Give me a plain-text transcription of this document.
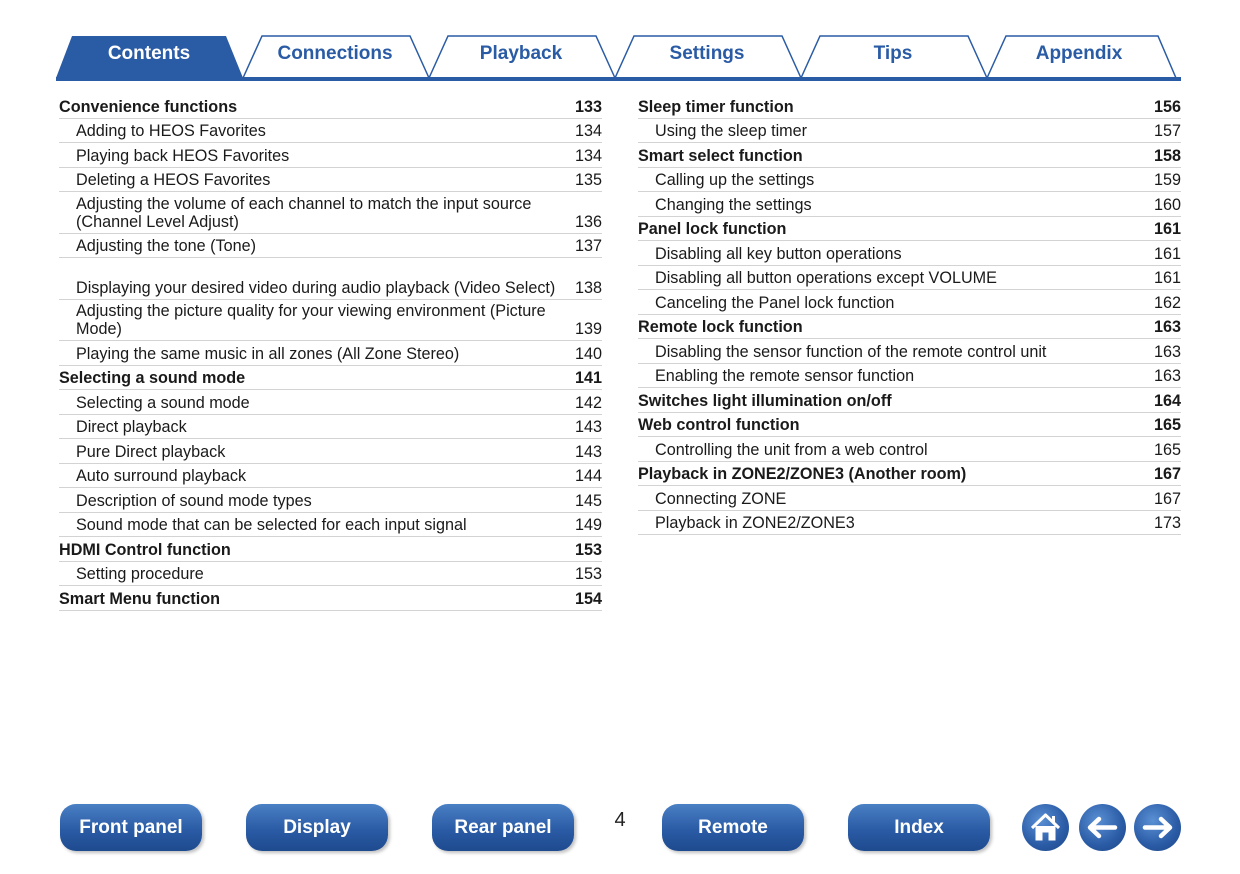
Contents	Connections	Playback	Settings	Tips	Appendix
Convenience functions	133
Adding to HEOS Favorites	134
Playing back HEOS Favorites	134
Deleting a HEOS Favorites	135
Adjusting the volume of each channel to match the input source (Channel Level Adjust)	136
Adjusting the tone (Tone)	137
Displaying your desired video during audio playback (Video Select)	138
Adjusting the picture quality for your viewing environment (Picture Mode)	139
Playing the same music in all zones (All Zone Stereo)	140
Selecting a sound mode	141
Selecting a sound mode	142
Direct playback	143
Pure Direct playback	143
Auto surround playback	144
Description of sound mode types	145
Sound mode that can be selected for each input signal	149
HDMI Control function	153
Setting procedure	153
Smart Menu function	154
Sleep timer function	156
Using the sleep timer	157
Smart select function	158
Calling up the settings	159
Changing the settings	160
Panel lock function	161
Disabling all key button operations	161
Disabling all button operations except VOLUME	161
Canceling the Panel lock function	162
Remote lock function	163
Disabling the sensor function of the remote control unit	163
Enabling the remote sensor function	163
Switches light illumination on/off	164
Web control function	165
Controlling the unit from a web control	165
Playback in ZONE2/ZONE3 (Another room)	167
Connecting ZONE	167
Playback in ZONE2/ZONE3	173
Front panel	Display	Rear panel	4	Remote	Index
